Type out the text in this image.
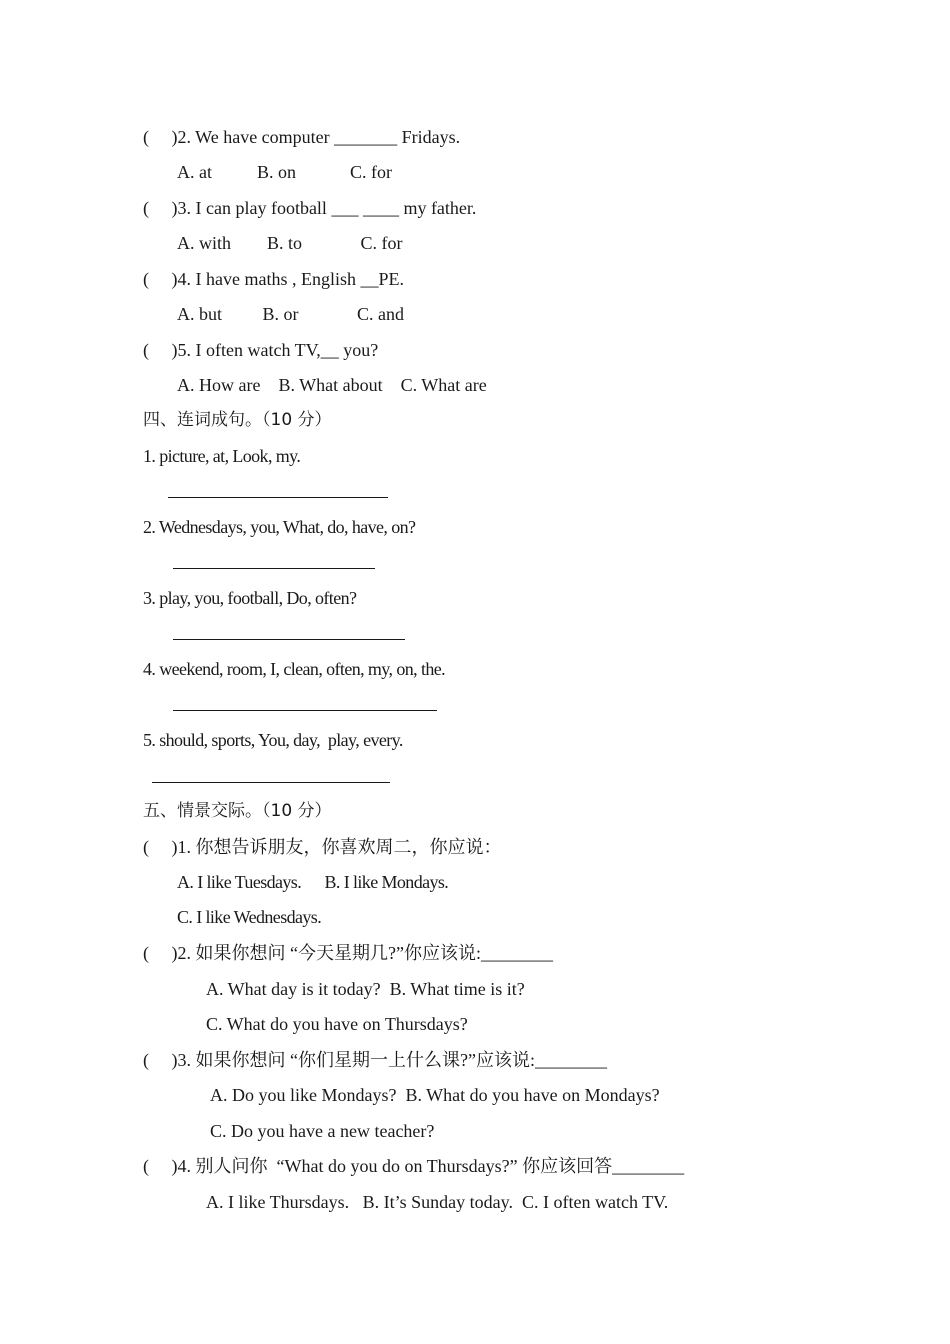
(     )2. We have computer _______ Fridays.
A. at          B. on            C. for
(     )3. I can play football ___ ____ my father.
A. with        B. to             C. for
(     )4. I have maths , English __PE.
A. but         B. or             C. and
(     )5. I often watch TV,__ you?
A. How are    B. What about    C. What are
四、连词成句。（10 分）
1. picture, at, Look, my.
2. Wednesdays, you, What, do, have, on?
3. play, you, football, Do, often?
4. weekend, room, I, clean, often, my, on, the.
5. should, sports, You, day,  play, every.
五、情景交际。（10 分）
(     )1. 你想告诉朋友，你喜欢周二，你应说：
A. I like Tuesdays.      B. I like Mondays.
C. I like Wednesdays.
(     )2. 如果你想问 “今天星期几?”你应该说:________
A. What day is it today?  B. What time is it?
C. What do you have on Thursdays?
(     )3. 如果你想问 “你们星期一上什么课?”应该说:________
A. Do you like Mondays?  B. What do you have on Mondays?
C. Do you have a new teacher?
(     )4. 别人问你  “What do you do on Thursdays?” 你应该回答________
A. I like Thursdays.   B. It’s Sunday today.  C. I often watch TV.
